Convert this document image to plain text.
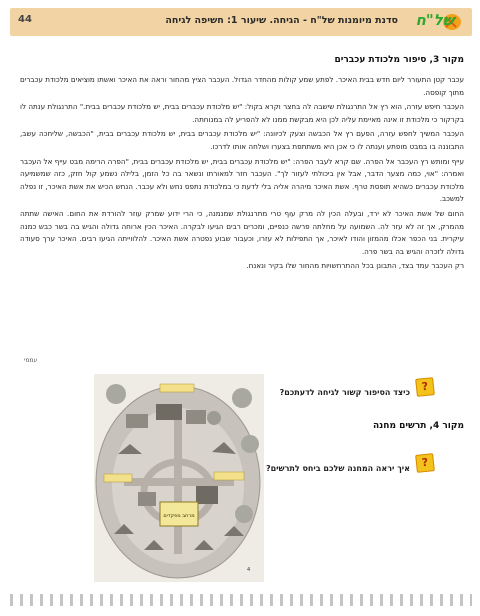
44	סדנת מיומנות של"ח - הגיחה. שיעור 1: חשיפה לגיחה של"ח
מקור 3, סיפור מלכודת עכברים

עכבר קטן התעורר ליום חדש בבית האיכר. לפתע שמע קולות מהחדר הגדול. העכבר הציץ מהחור וראה את האיכר ואשתו מוציאים מלכודת עכברים מתוך קופסה.

העכבר חיפש עזרה, הוא רץ אל התרנגולת שישבה לה בחצר וקרא בקול: "יש מלכודת עכברים בבית, יש מלכודת עכברים בבית." התרנגולת ענתה לו בקרקור כי מלכודת זו אינה מאיימת עליה לכן היא מבקשת ממנו לא להפריע לה במנוחתה.

העכבר המשיך לחפש עזרה, הפעם רץ אל הכבשה וצעק לכיוונה: "יש מלכודת עכברים בבית, יש מלכודת עכברים בבית, "הכבשה, שליחכה עשב, התבוננה בו במבט מופתע וענתה לו כי אכן היא משתתפת בצערו ושלחה אותו לדרכו.

עייף ומותש רץ העכבר אל הפרה. שם קרא לעבר הפרה: "יש מלכודת עכברים בבית, יש מלכודת עכברים בבית, "הפרה הרימה מבט עייף אל העכבר ואמרה: "אוי, כמה מצער הדבר, אבל אין ביכולתי לעזור לך". העכבר חזר למאורתו ונשאר בה כל הזמן, בלילה נשמע קול חזק, כזה שמשמיעה מלכודת עכברים כשהיא תופסת טרף. אשת האיכר מיהרה אליה בלי לדעת כי במלכודת נתפס נחש ולא עכבר. הנחש הכיש את אשת האיכר, זו נפלה למשכב.

החום של אשת האיכר לא ירד, ובעלה הכין לה מרק עוף טרי מתרנגולת שמנמנה, כי הרי ידוע שמרק עוזר להורדת את החום. האישה שתתה מהמרק, אך זה לא עזר לה. השמועה על מחלתה פרשה כנפיים, ומכרים רבים הגיעו לבקרה. האיכר הכין ארוחה גדולה והגיש בה בשר כבש כמנה עיקרית. בני הכפר אכלו מהמזון והודו לאיכר, אך התפילות לא עזרו, וכעבור שבוע נפטרה אשת האיכר. להלווייתה הגיעו רבים. האיכר ערך סעודה גדולה לזכרה והגיש בה בשר פרה.

רק העכבר עמד בצד, התבונן בכל ההתרחשויות מהחור שלו בקיר ונאנח.

עממי
?
כיצד הסיפור קשור לגיחה לדעתכם?
מקור 4, תרשים מחנה
?
איך יראה המחנה שלכם ביחס לתרשים?
מרחב מפקדים
4
